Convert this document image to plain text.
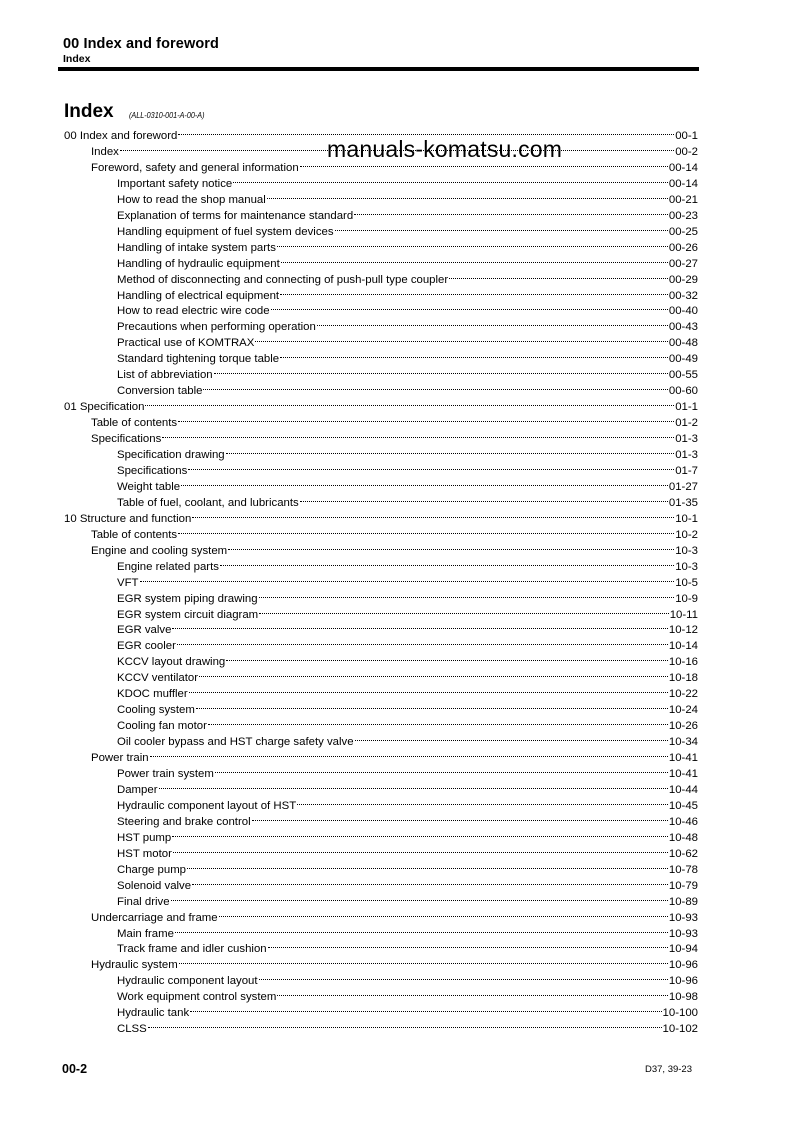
00 Index and foreword
Index
Index (ALL-0310-001-A-00-A)
00 Index and foreword	00-1
Index	00-2
Foreword, safety and general information	00-14
Important safety notice	00-14
How to read the shop manual	00-21
Explanation of terms for maintenance standard	00-23
Handling equipment of fuel system devices	00-25
Handling of intake system parts	00-26
Handling of hydraulic equipment	00-27
Method of disconnecting and connecting of push-pull type coupler	00-29
Handling of electrical equipment	00-32
How to read electric wire code	00-40
Precautions when performing operation	00-43
Practical use of KOMTRAX	00-48
Standard tightening torque table	00-49
List of abbreviation	00-55
Conversion table	00-60
01 Specification	01-1
Table of contents	01-2
Specifications	01-3
Specification drawing	01-3
Specifications	01-7
Weight table	01-27
Table of fuel, coolant, and lubricants	01-35
10 Structure and function	10-1
Table of contents	10-2
Engine and cooling system	10-3
Engine related parts	10-3
VFT	10-5
EGR system piping drawing	10-9
EGR system circuit diagram	10-11
EGR valve	10-12
EGR cooler	10-14
KCCV layout drawing	10-16
KCCV ventilator	10-18
KDOC muffler	10-22
Cooling system	10-24
Cooling fan motor	10-26
Oil cooler bypass and HST charge safety valve	10-34
Power train	10-41
Power train system	10-41
Damper	10-44
Hydraulic component layout of HST	10-45
Steering and brake control	10-46
HST pump	10-48
HST motor	10-62
Charge pump	10-78
Solenoid valve	10-79
Final drive	10-89
Undercarriage and frame	10-93
Main frame	10-93
Track frame and idler cushion	10-94
Hydraulic system	10-96
Hydraulic component layout	10-96
Work equipment control system	10-98
Hydraulic tank	10-100
CLSS	10-102
manuals-komatsu.com
00-2	D37, 39-23
